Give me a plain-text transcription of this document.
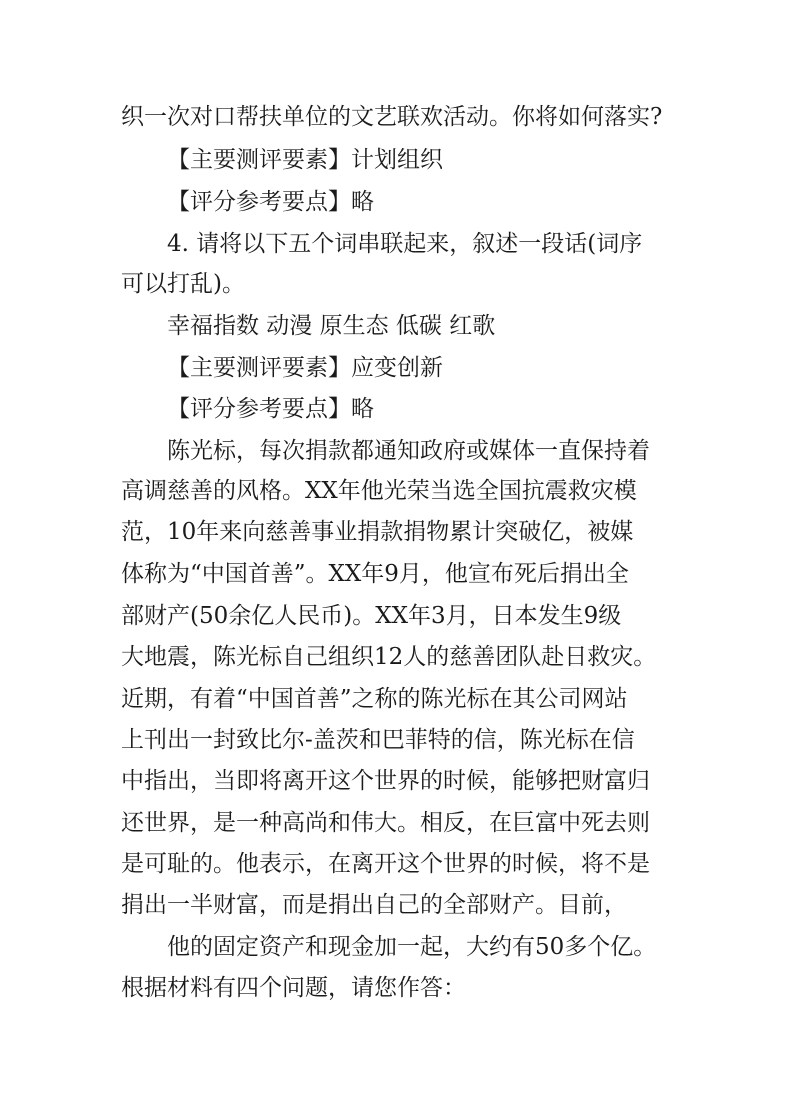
织一次对口帮扶单位的文艺联欢活动。你将如何落实?
【主要测评要素】计划组织
【评分参考要点】略
4. 请将以下五个词串联起来，叙述一段话(词序
可以打乱)。
幸福指数 动漫 原生态 低碳 红歌
【主要测评要素】应变创新
【评分参考要点】略
陈光标，每次捐款都通知政府或媒体一直保持着
高调慈善的风格。XX年他光荣当选全国抗震救灾模
范，10年来向慈善事业捐款捐物累计突破亿，被媒
体称为“中国首善”。XX年9月，他宣布死后捐出全
部财产(50余亿人民币)。XX年3月，日本发生9级
大地震，陈光标自己组织12人的慈善团队赴日救灾。
近期，有着“中国首善”之称的陈光标在其公司网站
上刊出一封致比尔-盖茨和巴菲特的信，陈光标在信
中指出，当即将离开这个世界的时候，能够把财富归
还世界，是一种高尚和伟大。相反，在巨富中死去则
是可耻的。他表示，在离开这个世界的时候，将不是
捐出一半财富，而是捐出自己的全部财产。目前，
他的固定资产和现金加一起，大约有50多个亿。
根据材料有四个问题，请您作答：
